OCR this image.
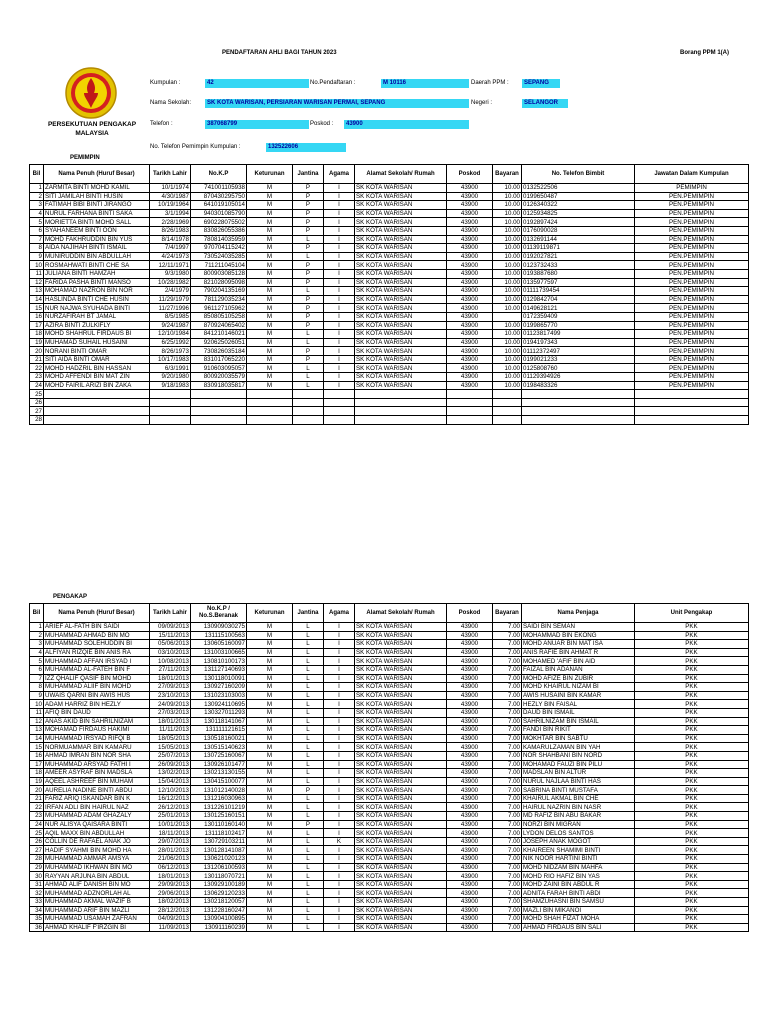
PENDAFTARAN AHLI BAGI TAHUN 2023	Borang PPM 1(A)
PERSEKUTUAN PENGAKAP
MALAYSIA
Kumpulan :	42	No.Pendaftaran :	M 10116	Daerah PPM :	SEPANG
Nama Sekolah:	SK KOTA WARISAN, PERSIARAN WARISAN PERMAI, SEPANG	Negeri :	SELANGOR
Telefon :	387068799	Poskod :	43900
No. Telefon Pemimpin Kumpulan :	132522606
PEMIMPIN
Bil	Nama Penuh (Huruf Besar)	Tarikh Lahir	No.K.P	Keturunan	Jantina	Agama	Alamat Sekolah/ Rumah	Poskod	Bayaran	No. Telefon Bimbit	Jawatan Dalam Kumpulan
1	ZARMITA BINTI MOHD KAMIL	10/1/1974	741001105938	M	P	I	SK KOTA WARISAN	43900	10.00	0132522506	PEMIMPIN
2	SITI JAMILAH BINTI HUSIN	4/30/1987	870430295750	M	P	I	SK KOTA WARISAN	43900	10.00	0199650487	PEN.PEMIMPIN
3	FATIMAH BIBI BINTI JIRANGO	10/19/1964	641019105014	M	P	I	SK KOTA WARISAN	43900	10.00	0126340322	PEN.PEMIMPIN
4	NURUL FARHANA BINTI SAKA	3/1/1994	940301085790	M	P	I	SK KOTA WARISAN	43900	10.00	0125934825	PEN.PEMIMPIN
5	MORIETTA BINTI MOHD SALL	2/28/1969	690228075502	M	P	I	SK KOTA WARISAN	43900	10.00	0192897424	PEN.PEMIMPIN
6	SYAHANEEM BINTI OON	8/26/1983	830826055386	M	P	I	SK KOTA WARISAN	43900	10.00	0176090028	PEN.PEMIMPIN
7	MOHD FAKHRUDDIN BIN YUS	8/14/1978	780814035959	M	L	I	SK KOTA WARISAN	43900	10.00	0132691144	PEN.PEMIMPIN
8	AIDA NAJIHAH BINTI ISMAIL	7/4/1997	970704115242	M	P	I	SK KOTA WARISAN	43900	10.00	01139119871	PEN.PEMIMPIN
9	MUNIRUDDIN BIN ABDULLAH	4/24/1973	730524035285	M	L	I	SK KOTA WARISAN	43900	10.00	0192027821	PEN.PEMIMPIN
10	ROSMAHWATI BINTI CHE SA	12/11/1971	711211045104	M	P	I	SK KOTA WARISAN	43900	10.00	0123732433	PEN.PEMIMPIN
11	JULIANA BINTI HAMZAH	9/3/1980	800903085128	M	P	I	SK KOTA WARISAN	43900	10.00	0193887680	PEN.PEMIMPIN
12	FARIDA PASHA BINTI MANSO	10/28/1982	821028095098	M	P	I	SK KOTA WARISAN	43900	10.00	0135977597	PEN.PEMIMPIN
13	MOHAMAD NAZRON BIN NOR	2/4/1979	790204135169	M	L	I	SK KOTA WARISAN	43900	10.00	01111739454	PEN.PEMIMPIN
14	HASLINDA BINTI CHE HUSIN	11/29/1979	781129035234	M	P	I	SK KOTA WARISAN	43900	10.00	0129842704	PEN.PEMIMPIN
15	NUR NAJWA SYUHADA BINTI	11/27/1996	961127105962	M	P	I	SK KOTA WARISAN	43900	10.00	0149628121	PEN.PEMIMPIN
16	NURZAFIRAH BT JAMAL	8/5/1985	850805105258	M	P	I	SK KOTA WARISAN	43900		0172359409	PEN.PEMIMPIN
17	AZIRA BINTI ZULKIFLY	9/24/1987	870924065402	M	P	I	SK KOTA WARISAN	43900	10.00	0199865770	PEN.PEMIMPIN
18	MOHD SHAHRUL FIRDAUS BI	12/10/1984	841210146021	M	L	I	SK KOTA WARISAN	43900	10.00	01123817499	PEN.PEMIMPIN
19	MUHAMAD SUHAIL HUSAINI	6/25/1992	920625026051	M	L	I	SK KOTA WARISAN	43900	10.00	0194197343	PEN.PEMIMPIN
20	NORANI BINTI OMAR	8/26/1973	730826035184	M	P	I	SK KOTA WARISAN	43900	10.00	01112372497	PEN.PEMIMPIN
21	SITI AIDA BINTI OMAR	10/17/1983	831017065220	M	P	I	SK KOTA WARISAN	43900	10.00	0199021233	PEN.PEMIMPIN
22	MOHD HADZRIL BIN HASSAN	6/3/1991	910603095057	M	L	I	SK KOTA WARISAN	43900	10.00	0125808760	PEN.PEMIMPIN
23	MOHD AFFENDI BIN MAT ZIN	9/20/1980	800920035579	M	L	I	SK KOTA WARISAN	43900	10.00	01129394926	PEN.PEMIMPIN
24	MOHD FAIRIL ARIZI BIN ZAKA	9/18/1983	830918035817	M	L	I	SK KOTA WARISAN	43900	10.00	0198483326	PEN.PEMIMPIN
25											
26											
27											
28											
PENGAKAP
Bil	Nama Penuh (Huruf Besar)	Tarikh Lahir	No.K.P / No.S.Beranak	Keturunan	Jantina	Agama	Alamat Sekolah/ Rumah	Poskod	Bayaran	Nama Penjaga	Unit Pengakap
1	ARIEF AL-FATH BIN SAIDI	09/09/2013	130909030275	M	L	I	SK KOTA WARISAN	43900	7.00	SAIDI BIN SEMAN	PKK
2	MUHAMMAD AHMAD BIN MO	15/11/2013	131115100563	M	L	I	SK KOTA WARISAN	43900	7.00	MOHAMMAD BIN EKONG	PKK
3	MUHAMMAD SOLEHUDDIN BI	05/06/2013	130605160097	M	L	I	SK KOTA WARISAN	43900	7.00	MOHD ANUAR BIN MAT ISA	PKK
4	ALFIYAN RIZQIE BIN ANIS RA	03/10/2013	131003100665	M	L	I	SK KOTA WARISAN	43900	7.00	ANIS RAFIE BIN AHMAT R	PKK
5	MUHAMMAD AFFAN IRSYAD I	10/08/2013	130810100173	M	L	I	SK KOTA WARISAN	43900	7.00	MOHAMED 'AFIF BIN AID	PKK
6	MUHAMMAD AL-FATEH BIN F	27/11/2013	131127140693	M	L	I	SK KOTA WARISAN	43900	7.00	FAIZAL BIN ADANAN	PKK
7	IZZ QHALIF QASIF BIN MOHD	18/01/2013	130118010091	M	L	I	SK KOTA WARISAN	43900	7.00	MOHD AFIZE BIN ZUBIR	PKK
8	MUHAMMAD ALIIF BIN MOHD	27/09/2013	130927160209	M	L	I	SK KOTA WARISAN	43900	7.00	MOHD KHAIRUL NIZAM BI	PKK
9	UWAIS QARNI BIN AWIS HUS	23/10/2013	131023103003	M	L	I	SK KOTA WARISAN	43900	7.00	AWIS HUSAINI BIN KAMAR	PKK
10	ADAM HARRIZ BIN HEZLY	24/09/2013	130924110695	M	L	I	SK KOTA WARISAN	43900	7.00	HEZLY BIN FAISAL	PKK
11	AFIQ BIN DAUD	27/03/2013	130327011293	M	L	I	SK KOTA WARISAN	43900	7.00	DAUD BIN ISMAIL	PKK
12	ANAS AKID BIN SAHRILNIZAM	18/01/2013	130118141067	M	L	I	SK KOTA WARISAN	43900	7.00	SAHRILNIZAM BIN ISMAIL	PKK
13	MOHAMAD FIRDAUS HAKIMI	11/11/2013	131111121615	M	L	I	SK KOTA WARISAN	43900	7.00	FANDI BIN RIKIT	PKK
14	MUHAMMAD IRSYAD RIFQI B	18/05/2013	130518160021	M	L	I	SK KOTA WARISAN	43900	7.00	MOKHTAR BIN SABTU	PKK
15	NORMUAMMAR BIN KAMARU	15/05/2013	130515140623	M	L	I	SK KOTA WARISAN	43900	7.00	KAMARULZAMAN BIN YAH	PKK
16	AHMAD IMRAN BIN NOR SHA	25/07/2013	130725160067	M	L	I	SK KOTA WARISAN	43900	7.00	NOR SHAHBANI BIN NORD	PKK
17	MUHAMMAD ARSYAD FATHI I	26/09/2013	130926101477	M	L	I	SK KOTA WARISAN	43900	7.00	MOHAMAD FAUZI BIN PILU	PKK
18	AMEER ASYRAF BIN MADSLA	13/02/2013	130213130155	M	L	I	SK KOTA WARISAN	43900	7.00	MADSLAN BIN ALTUR	PKK
19	AQEEL ASHREEF BIN MUHAM	15/04/2013	130415100077	M	L	I	SK KOTA WARISAN	43900	7.00	NURUL NAJLAA BINTI HAS	PKK
20	AURELIA NADINE BINTI ABDU	12/10/2013	131012140028	M	P	I	SK KOTA WARISAN	43900	7.00	SABRINA BINTI MUSTAFA	PKK
21	FARIZ ARIQ ISKANDAR BIN K	16/12/2013	131216030963	M	L	I	SK KOTA WARISAN	43900	7.00	KHAIRUL AKMAL BIN CHE	PKK
22	IRFAN ADLI BIN HAIRUL NAZ	26/12/2013	131226101219	M	L	I	SK KOTA WARISAN	43900	7.00	HAIRUL NAZRIN BIN NASR	PKK
23	MUHAMMAD ADAM GHAZALY	25/01/2013	130125160151	M	L	I	SK KOTA WARISAN	43900	7.00	MD RAFIZ BIN ABU BAKAR	PKK
24	NUR ALISYA QAISARA BINTI	10/01/2013	130110160140	M	P	I	SK KOTA WARISAN	43900	7.00	NORZI BIN MIGRAN	PKK
25	AQIL MAXX BIN ABDULLAH	18/11/2013	131118102417	M	L	I	SK KOTA WARISAN	43900	7.00	LYDON DELOS SANTOS	PKK
26	COLLIN DE RAFAEL ANAK JO	29/07/2013	130729103211	M	L	K	SK KOTA WARISAN	43900	7.00	JOSEPH ANAK MOGOT	PKK
27	HADIF SYAHMI BIN MOHD HA	28/01/2013	130128141087	M	L	I	SK KOTA WARISAN	43900	7.00	KHAIREEN SHAMIMI BINTI	PKK
28	MUHAMMAD AMMAR AMSYA	21/06/2013	130621020123	M	L	I	SK KOTA WARISAN	43900	7.00	NIK NOOR HARTINI BINTI	PKK
29	MUHAMMAD IKHWAN BIN MO	06/12/2013	131206100593	M	L	I	SK KOTA WARISAN	43900	7.00	MOHD NIDZAM BIN MAHFA	PKK
30	RAYYAN ARJUNA BIN ABDUL	18/01/2013	130118070721	M	L	I	SK KOTA WARISAN	43900	7.00	MOHD RIO HAFIZ BIN YAS	PKK
31	AHMAD ALIF DANISH BIN MO	29/09/2013	130929100189	M	L	I	SK KOTA WARISAN	43900	7.00	MOHD ZAINI BIN ABDUL R	PKK
32	MUHAMMAD ADZNORLAH AL	29/06/2013	130629120233	M	L	I	SK KOTA WARISAN	43900	7.00	ADNITA FARAH BINTI ABDI	PKK
33	MUHAMMAD AKMAL WAZIF B	18/02/2013	130218120057	M	L	I	SK KOTA WARISAN	43900	7.00	SHAMZUHASNI BIN SAMSU	PKK
34	MUHAMMAD ARIF BIN MAZLI	28/12/2013	131228160247	M	L	I	SK KOTA WARISAN	43900	7.00	MAZLI BIN MIKANOI	PKK
35	MUHAMMAD USAMAH ZAFRAN	04/09/2013	130904100895	M	L	I	SK KOTA WARISAN	43900	7.00	MOHD SHAH FIZAT MOHA	PKK
36	AHMAD KHALIF F'IRZGIN BI	11/09/2013	130911160239	M	L	I	SK KOTA WARISAN	43900	7.00	AHMAD FIRDAUS BIN SALI	PKK
